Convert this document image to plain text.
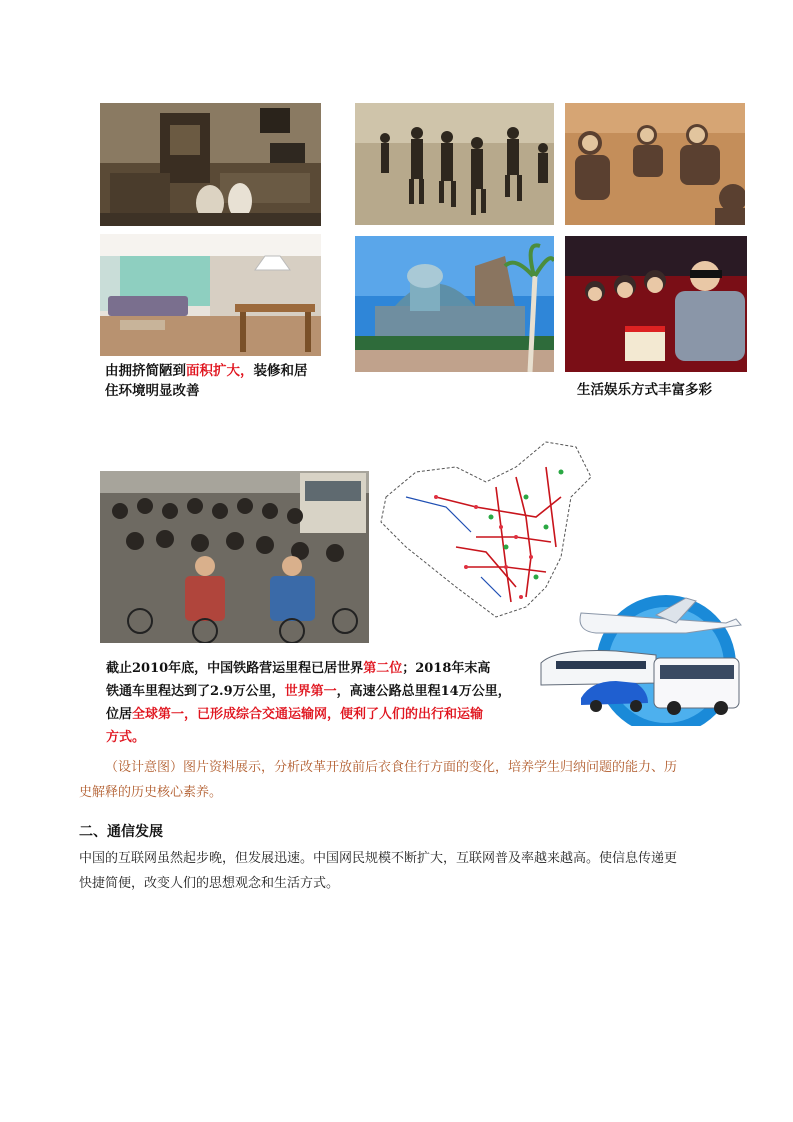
由拥挤简陋到面积扩大，装修和居
住环境明显改善	生活娱乐方式丰富多彩
截止2010年底，中国铁路营运里程已居世界第二位；2018年末高
铁通车里程达到了2.9万公里，世界第一，高速公路总里程14万公里，
位居全球第一，已形成综合交通运输网，便利了人们的出行和运输
方式。
（设计意图）图片资料展示，分析改革开放前后衣食住行方面的变化，培养学生归纳问题的能力、历
史解释的历史核心素养。
二、通信发展
中国的互联网虽然起步晚，但发展迅速。中国网民规模不断扩大，互联网普及率越来越高。使信息传递更
快捷简便，改变人们的思想观念和生活方式。
